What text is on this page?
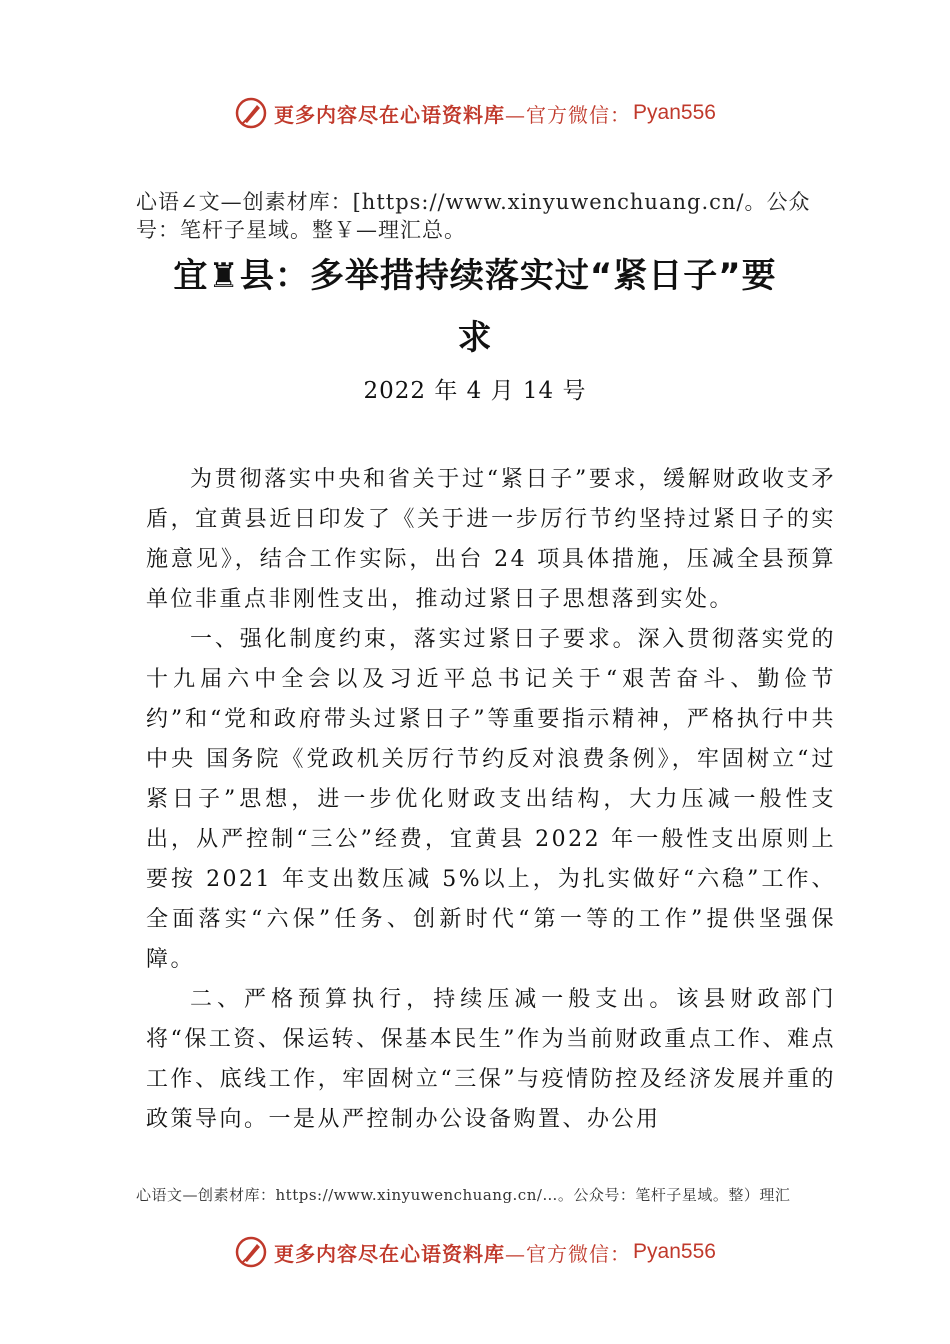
更多内容尽在心语资料库 —官方微信： Pyan556
心语∠文—创素材库：[https://www.xinyuwenchuang.cn/。公众号：笔杆子星域。整￥—理汇总。
宜♜县：多举措持续落实过“紧日子”要
求
2022 年 4 月 14 号

为贯彻落实中央和省关于过“紧日子”要求，缓解财政收支矛盾，宜黄县近日印发了《关于进一步厉行节约坚持过紧日子的实施意见》，结合工作实际，出台 24 项具体措施，压减全县预算单位非重点非刚性支出，推动过紧日子思想落到实处。

一、强化制度约束，落实过紧日子要求。深入贯彻落实党的十九届六中全会以及习近平总书记关于“艰苦奋斗、勤俭节约”和“党和政府带头过紧日子”等重要指示精神，严格执行中共中央 国务院《党政机关厉行节约反对浪费条例》，牢固树立“过紧日子”思想，进一步优化财政支出结构，大力压减一般性支出，从严控制“三公”经费，宜黄县 2022 年一般性支出原则上要按 2021 年支出数压减 5%以上，为扎实做好“六稳”工作、全面落实“六保”任务、创新时代“第一等的工作”提供坚强保障。

二、严格预算执行，持续压减一般支出。该县财政部门将“保工资、保运转、保基本民生”作为当前财政重点工作、难点工作、底线工作，牢固树立“三保”与疫情防控及经济发展并重的政策导向。一是从严控制办公设备购置、办公用

心语文—创素材库：https://www.xinyuwenchuang.cn/…。公众号：笔杆子星域。整）理汇
更多内容尽在心语资料库 —官方微信： Pyan556
